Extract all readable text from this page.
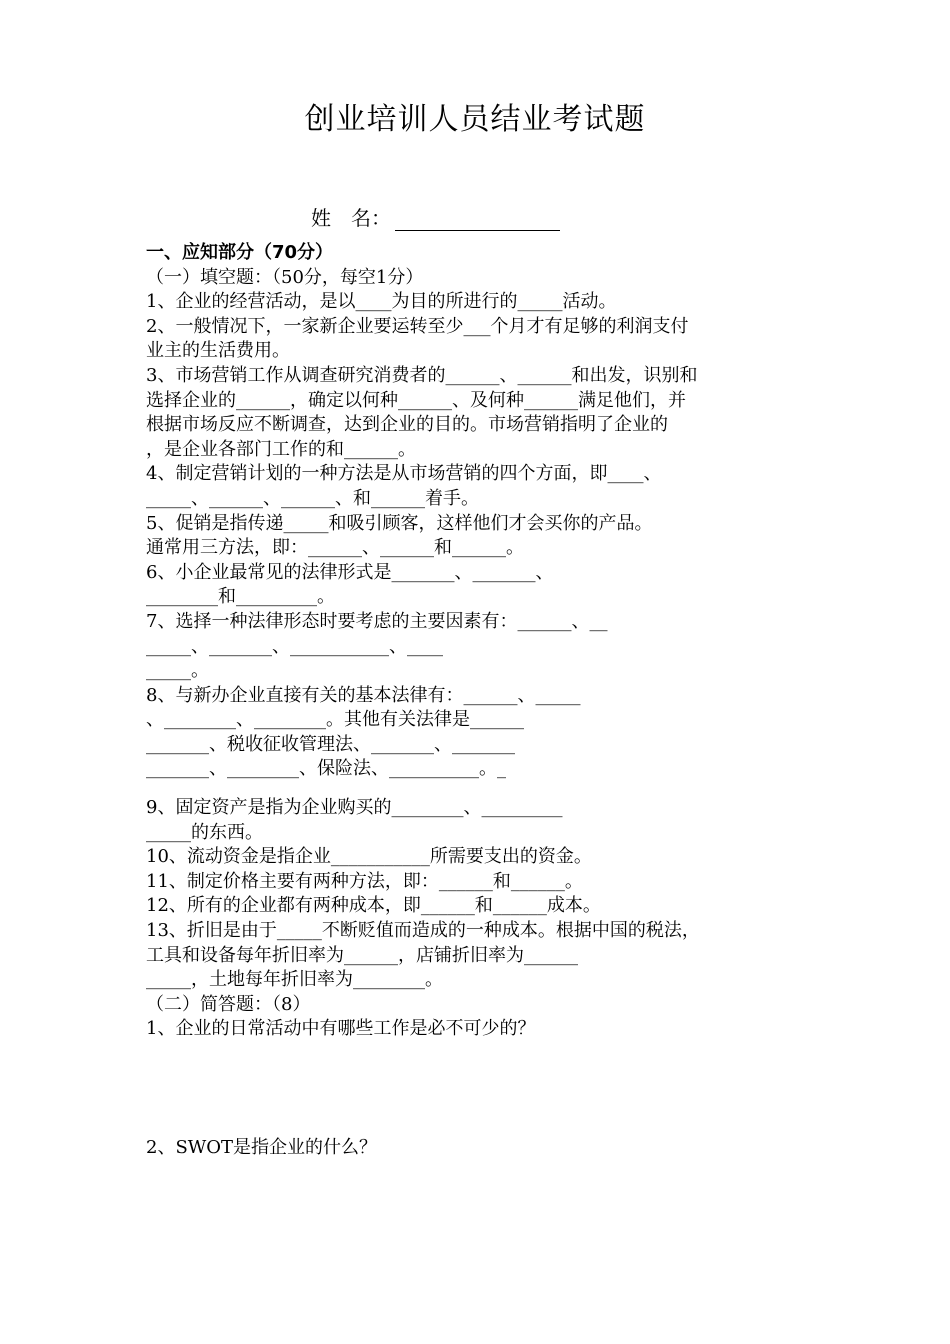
创业培训人员结业考试题
姓　名：
一、应知部分（70分）
（一）填空题：（50分，每空1分）
1、企业的经营活动，是以____为目的所进行的_____活动。
2、一般情况下，一家新企业要运转至少___个月才有足够的利润支付
业主的生活费用。
3、市场营销工作从调查研究消费者的______、______和出发，识别和
选择企业的______，确定以何种______、及何种______满足他们，并
根据市场反应不断调查，达到企业的目的。市场营销指明了企业的
，是企业各部门工作的和______。
4、制定营销计划的一种方法是从市场营销的四个方面，即____、
_____、______、______、和______着手。
5、促销是指传递_____和吸引顾客，这样他们才会买你的产品。
通常用三方法，即：______、______和______。
6、小企业最常见的法律形式是_______、_______、
________和_________。
7、选择一种法律形态时要考虑的主要因素有：______、__
_____、_______、___________、____
_____。
8、与新办企业直接有关的基本法律有：______、_____
、________、________。其他有关法律是______
_______、税收征收管理法、_______、_______
_______、________、保险法、__________。_
9、固定资产是指为企业购买的________、_________
_____的东西。
10、流动资金是指企业___________所需要支出的资金。
11、制定价格主要有两种方法，即：______和______。
12、所有的企业都有两种成本，即______和______成本。
13、折旧是由于_____不断贬值而造成的一种成本。根据中国的税法，
工具和设备每年折旧率为______，店铺折旧率为______
_____，土地每年折旧率为________。
（二）简答题：（8）
1、企业的日常活动中有哪些工作是必不可少的？
2、SWOT是指企业的什么？
